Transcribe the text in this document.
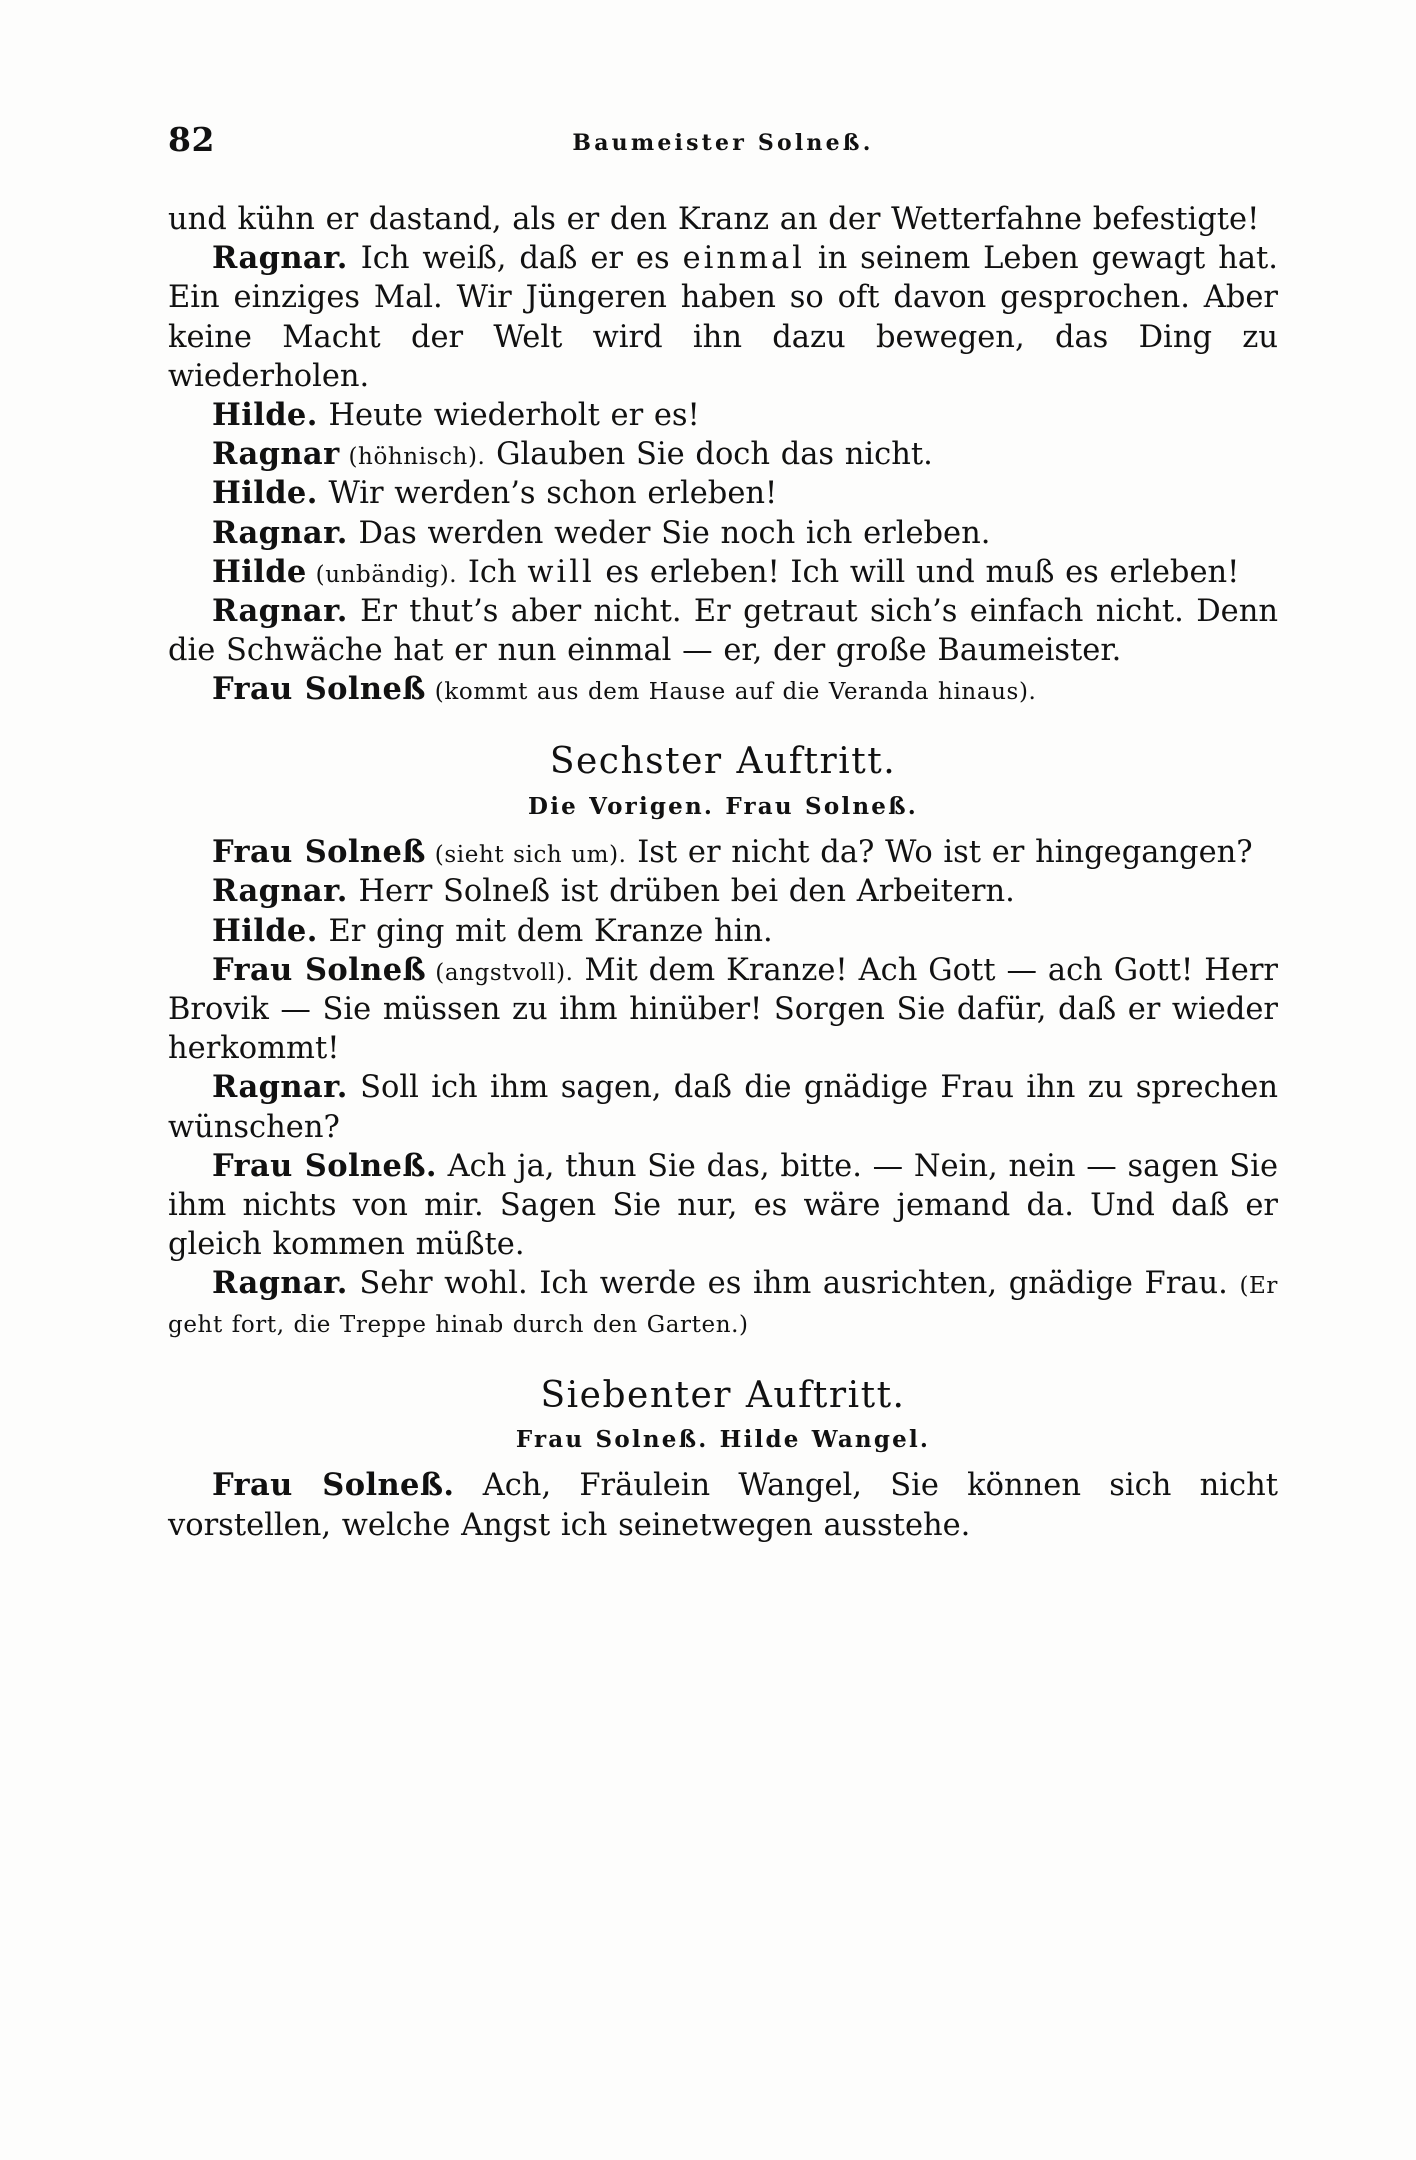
82	Baumeister Solneß.

und kühn er dastand, als er den Kranz an der Wetterfahne befestigte!

Ragnar. Ich weiß, daß er es einmal in seinem Leben gewagt hat. Ein einziges Mal. Wir Jüngeren haben so oft davon gesprochen. Aber keine Macht der Welt wird ihn dazu bewegen, das Ding zu wiederholen.

Hilde. Heute wiederholt er es!

Ragnar (höhnisch). Glauben Sie doch das nicht.

Hilde. Wir werden’s schon erleben!

Ragnar. Das werden weder Sie noch ich erleben.

Hilde (unbändig). Ich will es erleben! Ich will und muß es erleben!

Ragnar. Er thut’s aber nicht. Er getraut sich’s einfach nicht. Denn die Schwäche hat er nun einmal — er, der große Baumeister.

Frau Solneß (kommt aus dem Hause auf die Veranda hinaus).

Sechster Auftritt.
Die Vorigen. Frau Solneß.

Frau Solneß (sieht sich um). Ist er nicht da? Wo ist er hingegangen?

Ragnar. Herr Solneß ist drüben bei den Arbeitern.

Hilde. Er ging mit dem Kranze hin.

Frau Solneß (angstvoll). Mit dem Kranze! Ach Gott — ach Gott! Herr Brovik — Sie müssen zu ihm hinüber! Sorgen Sie dafür, daß er wieder herkommt!

Ragnar. Soll ich ihm sagen, daß die gnädige Frau ihn zu sprechen wünschen?

Frau Solneß. Ach ja, thun Sie das, bitte. — Nein, nein — sagen Sie ihm nichts von mir. Sagen Sie nur, es wäre jemand da. Und daß er gleich kommen müßte.

Ragnar. Sehr wohl. Ich werde es ihm ausrichten, gnädige Frau. (Er geht fort, die Treppe hinab durch den Garten.)

Siebenter Auftritt.
Frau Solneß. Hilde Wangel.

Frau Solneß. Ach, Fräulein Wangel, Sie können sich nicht vorstellen, welche Angst ich seinetwegen ausstehe.
